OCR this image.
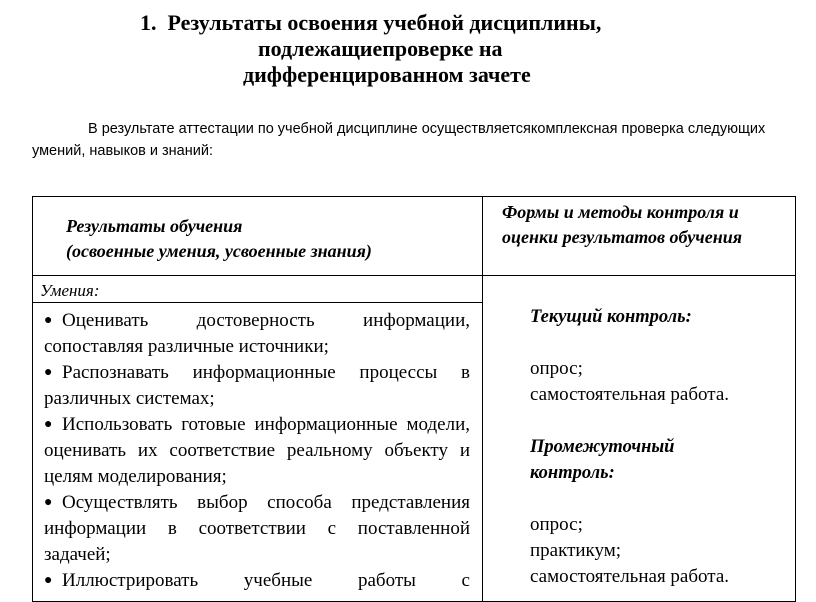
1. Результаты освоения учебной дисциплины,
подлежащиепроверке на
дифференцированном зачете
В результате аттестации по учебной дисциплине осуществляетсякомплексная проверка следующих умений, навыков и знаний:
Результаты обучения
(освоенные умения, усвоенные знания)
Формы и методы контроля и оценки результатов обучения
Умения:

● Оценивать достоверность информации, сопоставляя различные источники;

● Распознавать информационные процессы в различных системах;

● Использовать готовые информационные модели, оценивать их соответствие реальному объекту и целям моделирования;

● Осуществлять выбор способа представления информации в соответствии с поставленной задачей;

● Иллюстрировать учебные работы с

Текущий контроль:

опрос;

самостоятельная работа.

Промежуточный контроль:

опрос;

практикум;

самостоятельная работа.
